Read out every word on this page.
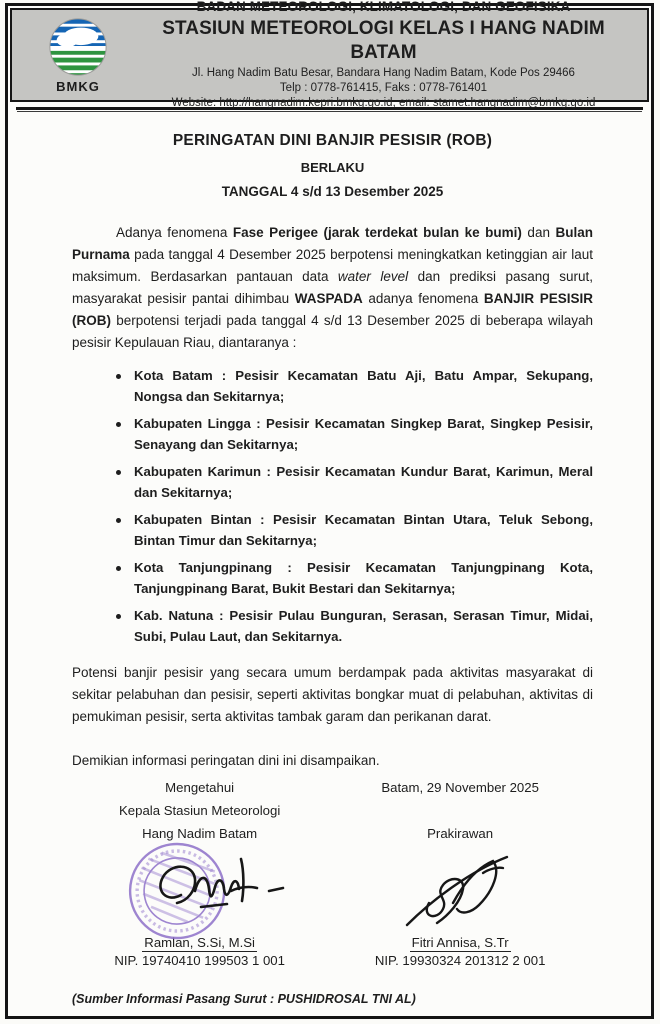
BMKG
BADAN METEOROLOGI, KLIMATOLOGI, DAN GEOFISIKA
STASIUN METEOROLOGI KELAS I HANG NADIM BATAM
Jl. Hang Nadim Batu Besar, Bandara Hang Nadim Batam, Kode Pos 29466
Telp : 0778-761415, Faks : 0778-761401
Website: http://hangnadim.kepri.bmkg.go.id, email: stamet.hangnadim@bmkg.go.id
PERINGATAN DINI BANJIR PESISIR (ROB)
BERLAKU
TANGGAL 4 s/d 13 Desember 2025

Adanya fenomena Fase Perigee (jarak terdekat bulan ke bumi) dan Bulan Purnama pada tanggal 4 Desember 2025 berpotensi meningkatkan ketinggian air laut maksimum. Berdasarkan pantauan data water level dan prediksi pasang surut, masyarakat pesisir pantai dihimbau WASPADA adanya fenomena BANJIR PESISIR (ROB) berpotensi terjadi pada tanggal 4 s/d 13 Desember 2025 di beberapa wilayah pesisir Kepulauan Riau, diantaranya :

Kota Batam : Pesisir Kecamatan Batu Aji, Batu Ampar, Sekupang, Nongsa dan Sekitarnya;
Kabupaten Lingga : Pesisir Kecamatan Singkep Barat, Singkep Pesisir, Senayang dan Sekitarnya;
Kabupaten Karimun : Pesisir Kecamatan Kundur Barat, Karimun, Meral dan Sekitarnya;
Kabupaten Bintan : Pesisir Kecamatan Bintan Utara, Teluk Sebong, Bintan Timur dan Sekitarnya;
Kota Tanjungpinang : Pesisir Kecamatan Tanjungpinang Kota, Tanjungpinang Barat, Bukit Bestari dan Sekitarnya;
Kab. Natuna : Pesisir Pulau Bunguran, Serasan, Serasan Timur, Midai, Subi, Pulau Laut, dan Sekitarnya.

Potensi banjir pesisir yang secara umum berdampak pada aktivitas masyarakat di sekitar pelabuhan dan pesisir, seperti aktivitas bongkar muat di pelabuhan, aktivitas di pemukiman pesisir, serta aktivitas tambak garam dan perikanan darat.

Demikian informasi peringatan dini ini disampaikan.

Mengetahui
Kepala Stasiun Meteorologi
Hang Nadim Batam
Ramlan, S.Si, M.Si
NIP. 19740410 199503 1 001
Batam, 29 November 2025
Prakirawan
Fitri Annisa, S.Tr
NIP. 19930324 201312 2 001

(Sumber Informasi Pasang Surut : PUSHIDROSAL TNI AL)
